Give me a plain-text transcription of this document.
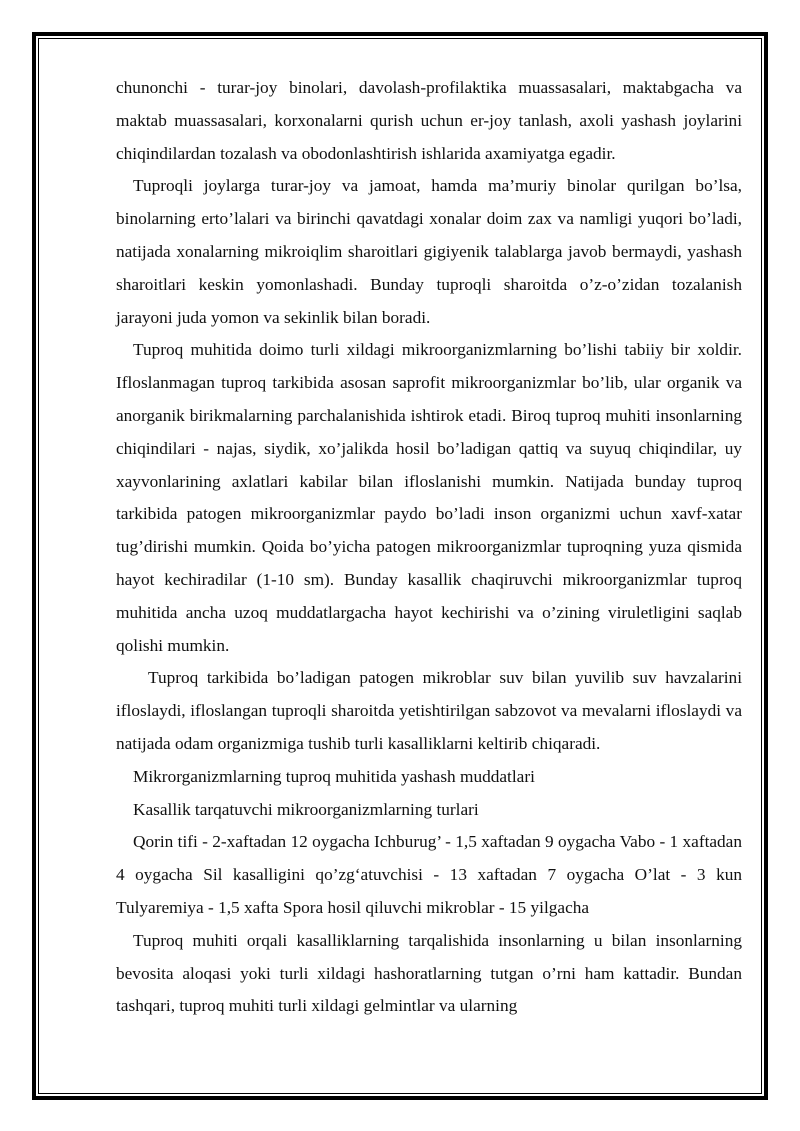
chunonchi - turar-joy binolari, davolash-profilaktika muassasalari, maktabgacha va maktab muassasalari, korxonalarni qurish uchun er-joy tanlash, axoli yashash joylarini chiqindilardan tozalash va obodonlashtirish ishlarida axamiyatga egadir.

Tuproqli joylarga turar-joy va jamoat, hamda ma’muriy binolar qurilgan bo’lsa, binolarning erto’lalari va birinchi qavatdagi xonalar doim zax va namligi yuqori bo’ladi, natijada xonalarning mikroiqlim sharoitlari gigiyenik talablarga javob bermaydi, yashash sharoitlari keskin yomonlashadi. Bunday tuproqli sharoitda o’z-o’zidan tozalanish jarayoni juda yomon va sekinlik bilan boradi.

Tuproq muhitida doimo turli xildagi mikroorganizmlarning bo’lishi tabiiy bir xoldir. Ifloslanmagan tuproq tarkibida asosan saprofit mikroorganizmlar bo’lib, ular organik va anorganik birikmalarning parchalanishida ishtirok etadi. Biroq tuproq muhiti insonlarning chiqindilari - najas, siydik, xo’jalikda hosil bo’ladigan qattiq va suyuq chiqindilar, uy xayvonlarining axlatlari kabilar bilan ifloslanishi mumkin. Natijada bunday tuproq tarkibida patogen mikroorganizmlar paydo bo’ladi inson organizmi uchun xavf-xatar tug’dirishi mumkin. Qoida bo’yicha patogen mikroorganizmlar tuproqning yuza qismida hayot kechiradilar (1-10 sm). Bunday kasallik chaqiruvchi mikroorganizmlar tuproq muhitida ancha uzoq muddatlargacha hayot kechirishi va o’zining viruletligini saqlab qolishi mumkin.

Tuproq tarkibida bo’ladigan patogen mikroblar suv bilan yuvilib suv havzalarini ifloslaydi, ifloslangan tuproqli sharoitda yetishtirilgan sabzovot va mevalarni ifloslaydi va natijada odam organizmiga tushib turli kasalliklarni keltirib chiqaradi.

Mikrorganizmlarning tuproq muhitida yashash muddatlari

Kasallik tarqatuvchi mikroorganizmlarning turlari

Qorin tifi - 2-xaftadan 12 oygacha Ichburug’ - 1,5 xaftadan 9 oygacha Vabo - 1 xaftadan 4 oygacha Sil kasalligini qo’zg‘atuvchisi - 13 xaftadan 7 oygacha O’lat - 3 kun Tulyaremiya - 1,5 xafta Spora hosil qiluvchi mikroblar - 15 yilgacha

Tuproq muhiti orqali kasalliklarning tarqalishida insonlarning u bilan insonlarning bevosita aloqasi yoki turli xildagi hashoratlarning tutgan o’rni ham kattadir. Bundan tashqari, tuproq muhiti turli xildagi gelmintlar va ularning
